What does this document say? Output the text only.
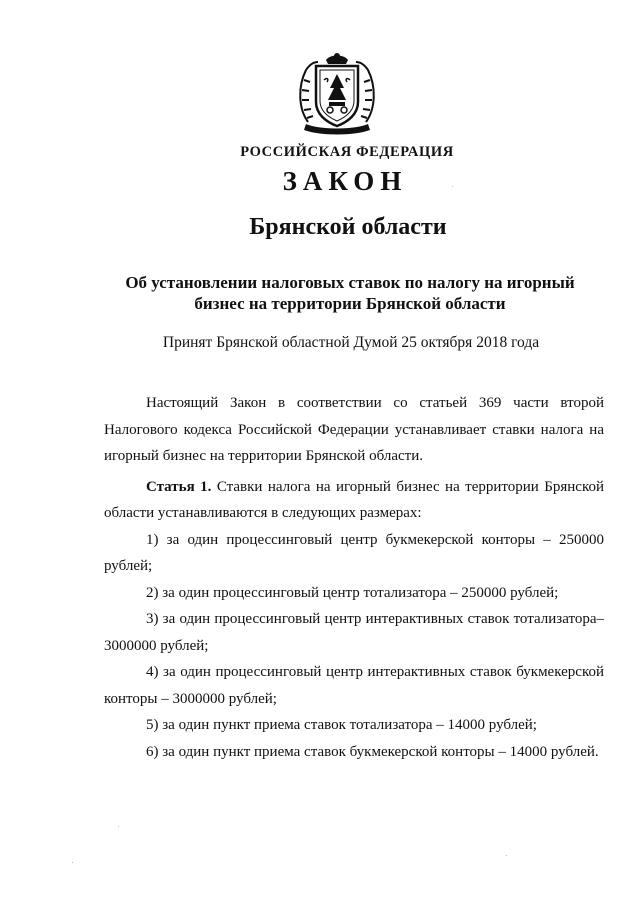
РОССИЙСКАЯ ФЕДЕРАЦИЯ
ЗАКОН
Брянской области
Об установлении налоговых ставок по налогу на игорный
бизнес на территории Брянской области
Принят Брянской областной Думой 25 октября 2018 года

Настоящий Закон в соответствии со статьей 369 части второй Налогового кодекса Российской Федерации устанавливает ставки налога на игорный бизнес на территории Брянской области.

Статья 1. Ставки налога на игорный бизнес на территории Брянской области устанавливаются в следующих размерах:

1) за один процессинговый центр букмекерской конторы – 250000 рублей;

2) за один процессинговый центр тотализатора – 250000 рублей;

3) за один процессинговый центр интерактивных ставок тотализатора– 3000000 рублей;

4) за один процессинговый центр интерактивных ставок букмекерской конторы – 3000000 рублей;

5) за один пункт приема ставок тотализатора – 14000 рублей;

6) за один пункт приема ставок букмекерской конторы – 14000 рублей.
